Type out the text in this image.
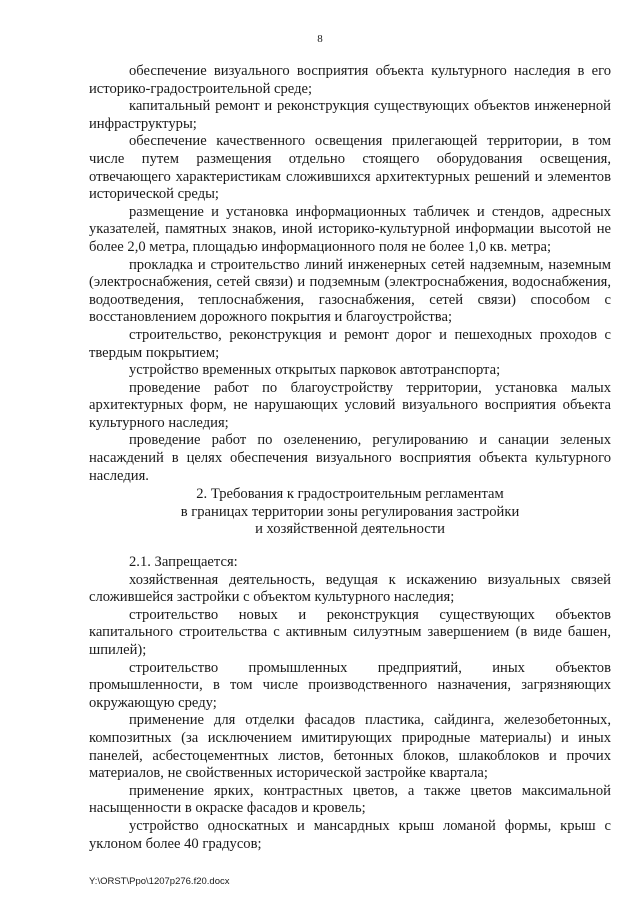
8

обеспечение визуального восприятия объекта культурного наследия в его историко-градостроительной среде;

капитальный ремонт и реконструкция существующих объектов инженерной инфраструктуры;

обеспечение качественного освещения прилегающей территории, в том числе путем размещения отдельно стоящего оборудования освещения, отвечающего характеристикам сложившихся архитектурных решений и элементов исторической среды;

размещение и установка информационных табличек и стендов, адресных указателей, памятных знаков, иной историко-культурной информации высотой не более 2,0 метра, площадью информационного поля не более 1,0 кв. метра;

прокладка и строительство линий инженерных сетей надземным, наземным (электроснабжения, сетей связи) и подземным (электроснабжения, водоснабжения, водоотведения, теплоснабжения, газоснабжения, сетей связи) способом с восстановлением дорожного покрытия и благоустройства;

строительство, реконструкция и ремонт дорог и пешеходных проходов с твердым покрытием;

устройство временных открытых парковок автотранспорта;

проведение работ по благоустройству территории, установка малых архитектурных форм, не нарушающих условий визуального восприятия объекта культурного наследия;

проведение работ по озеленению, регулированию и санации зеленых насаждений в целях обеспечения визуального восприятия объекта культурного наследия.

2. Требования к градостроительным регламентам
в границах территории зоны регулирования застройки
и хозяйственной деятельности

2.1. Запрещается:

хозяйственная деятельность, ведущая к искажению визуальных связей сложившейся застройки с объектом культурного наследия;

строительство новых и реконструкция существующих объектов капитального строительства с активным силуэтным завершением (в виде башен, шпилей);

строительство промышленных предприятий, иных объектов промышленности, в том числе производственного назначения, загрязняющих окружающую среду;

применение для отделки фасадов пластика, сайдинга, железобетонных, композитных (за исключением имитирующих природные материалы) и иных панелей, асбестоцементных листов, бетонных блоков, шлакоблоков и прочих материалов, не свойственных исторической застройке квартала;

применение ярких, контрастных цветов, а также цветов максимальной насыщенности в окраске фасадов и кровель;

устройство односкатных и мансардных крыш ломаной формы, крыш с уклоном более 40 градусов;

Y:\ORST\Ppo\1207p276.f20.docx
